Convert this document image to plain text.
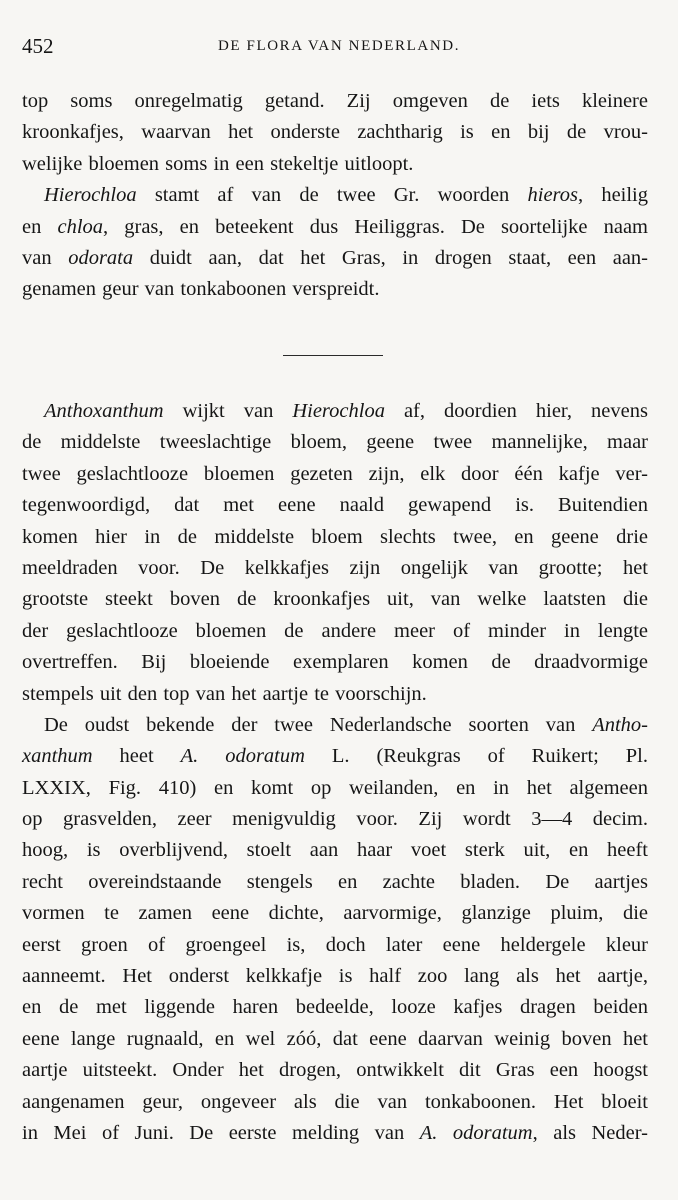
452	DE FLORA VAN NEDERLAND.
top soms onregelmatig getand. Zij omgeven de iets kleinere
kroonkafjes, waarvan het onderste zachtharig is en bij de vrou-
welijke bloemen soms in een stekeltje uitloopt.
Hierochloa stamt af van de twee Gr. woorden hieros, heilig
en chloa, gras, en beteekent dus Heiliggras. De soortelijke naam
van odorata duidt aan, dat het Gras, in drogen staat, een aan-
genamen geur van tonkaboonen verspreidt.
Anthoxanthum wijkt van Hierochloa af, doordien hier, nevens
de middelste tweeslachtige bloem, geene twee mannelijke, maar
twee geslachtlooze bloemen gezeten zijn, elk door één kafje ver-
tegenwoordigd, dat met eene naald gewapend is. Buitendien
komen hier in de middelste bloem slechts twee, en geene drie
meeldraden voor. De kelkkafjes zijn ongelijk van grootte; het
grootste steekt boven de kroonkafjes uit, van welke laatsten die
der geslachtlooze bloemen de andere meer of minder in lengte
overtreffen. Bij bloeiende exemplaren komen de draadvormige
stempels uit den top van het aartje te voorschijn.
De oudst bekende der twee Nederlandsche soorten van Antho-
xanthum heet A. odoratum L. (Reukgras of Ruikert; Pl.
LXXIX, Fig. 410) en komt op weilanden, en in het algemeen
op grasvelden, zeer menigvuldig voor. Zij wordt 3—4 decim.
hoog, is overblijvend, stoelt aan haar voet sterk uit, en heeft
recht overeindstaande stengels en zachte bladen. De aartjes
vormen te zamen eene dichte, aarvormige, glanzige pluim, die
eerst groen of groengeel is, doch later eene heldergele kleur
aanneemt. Het onderst kelkkafje is half zoo lang als het aartje,
en de met liggende haren bedeelde, looze kafjes dragen beiden
eene lange rugnaald, en wel zóó, dat eene daarvan weinig boven het
aartje uitsteekt. Onder het drogen, ontwikkelt dit Gras een hoogst
aangenamen geur, ongeveer als die van tonkaboonen. Het bloeit
in Mei of Juni. De eerste melding van A. odoratum, als Neder-
